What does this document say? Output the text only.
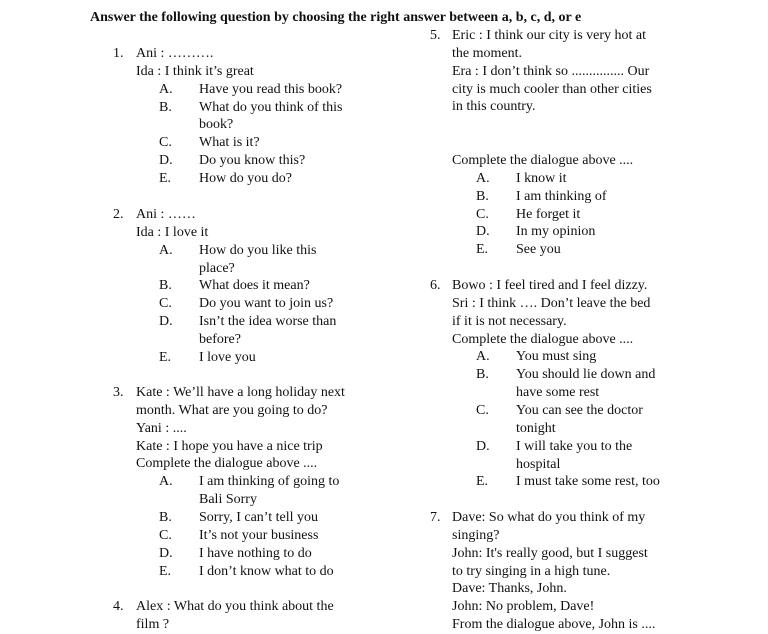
Answer the following question by choosing the right answer between a, b, c, d, or e
1. Ani : ……….
Ida : I think it’s great
A. Have you read this book?
B. What do you think of this
book?
C. What is it?
D. Do you know this?
E. How do you do?
2. Ani : ……
Ida : I love it
A. How do you like this
place?
B. What does it mean?
C. Do you want to join us?
D. Isn’t the idea worse than
before?
E. I love you
3. Kate : We’ll have a long holiday next
month. What are you going to do?
Yani : ....
Kate : I hope you have a nice trip
Complete the dialogue above ....
A. I am thinking of going to
Bali Sorry
B. Sorry, I can’t tell you
C. It’s not your business
D. I have nothing to do
E. I don’t know what to do
4. Alex : What do you think about the
film ?
5. Eric : I think our city is very hot at
the moment.
Era : I don’t think so ............... Our
city is much cooler than other cities
in this country.
Complete the dialogue above ....
A. I know it
B. I am thinking of
C. He forget it
D. In my opinion
E. See you
6. Bowo : I feel tired and I feel dizzy.
Sri : I think …. Don’t leave the bed
if it is not necessary.
Complete the dialogue above ....
A. You must sing
B. You should lie down and
have some rest
C. You can see the doctor
tonight
D. I will take you to the
hospital
E. I must take some rest, too
7. Dave: So what do you think of my
singing?
John: It's really good, but I suggest
to try singing in a high tune.
Dave: Thanks, John.
John: No problem, Dave!
From the dialogue above, John is ....
